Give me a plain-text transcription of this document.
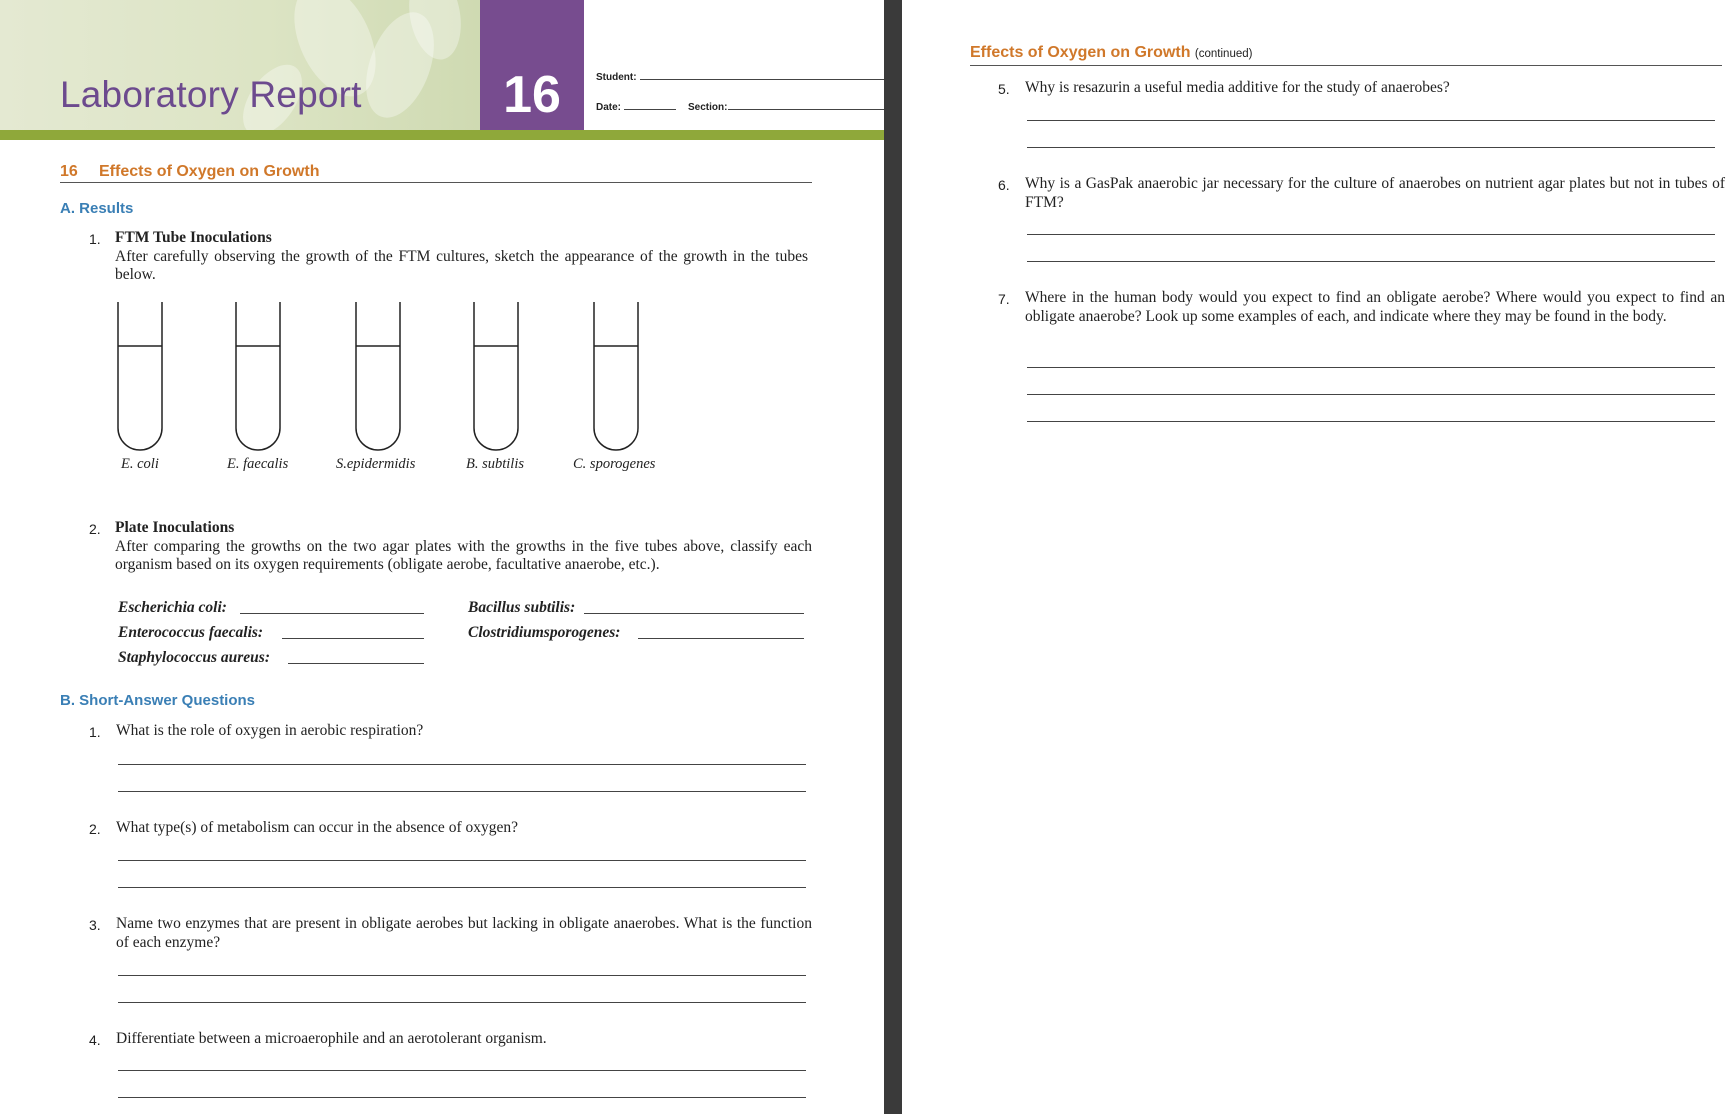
Laboratory Report	16	Student:
Date:	Section:
16 Effects of Oxygen on Growth
A. Results
1. FTM Tube Inoculations
After carefully observing the growth of the FTM cultures, sketch the appearance of the growth in the tubes below.
E. coli	E. faecalis	S.epidermidis	B. subtilis	C. sporogenes
2. Plate Inoculations
After comparing the growths on the two agar plates with the growths in the five tubes above, classify each organism based on its oxygen requirements (obligate aerobe, facultative anaerobe, etc.).
Escherichia coli:
Enterococcus faecalis:
Staphylococcus aureus:
Bacillus subtilis:
Clostridiumsporogenes:
B. Short-Answer Questions
1. What is the role of oxygen in aerobic respiration?
2. What type(s) of metabolism can occur in the absence of oxygen?
3. Name two enzymes that are present in obligate aerobes but lacking in obligate anaerobes. What is the function of each enzyme?
4. Differentiate between a microaerophile and an aerotolerant organism.
Effects of Oxygen on Growth (continued)
5. Why is resazurin a useful media additive for the study of anaerobes?
6. Why is a GasPak anaerobic jar necessary for the culture of anaerobes on nutrient agar plates but not in tubes of FTM?
7. Where in the human body would you expect to find an obligate aerobe? Where would you expect to find an obligate anaerobe? Look up some examples of each, and indicate where they may be found in the body.
